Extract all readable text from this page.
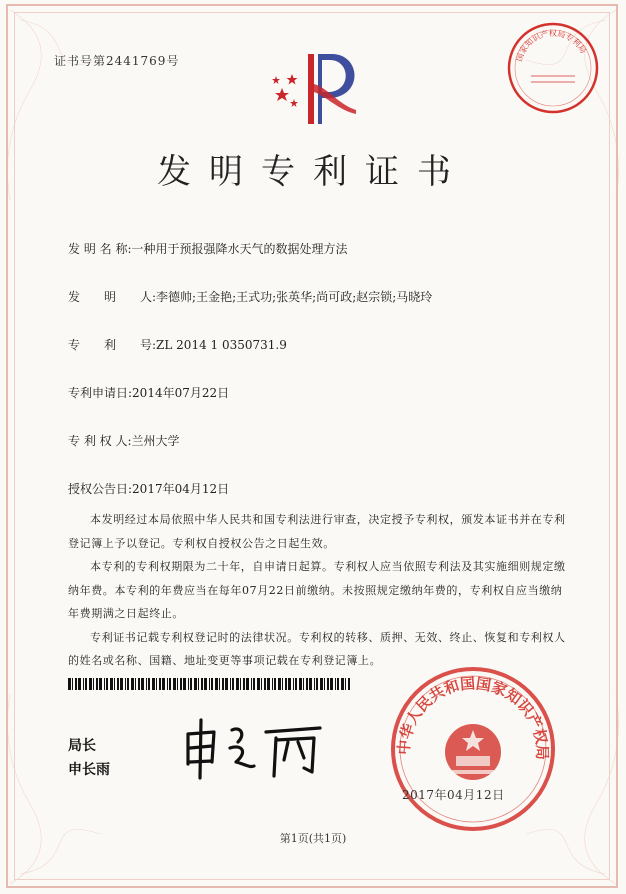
证书号第2441769号	国家知识产权局专利局
发明专利证书
发 明 名 称:一种用于预报强降水天气的数据处理方法
发　　明　　人:李德帅;王金艳;王式功;张英华;尚可政;赵宗锁;马晓玲
专　　利　　号:ZL 2014 1 0350731.9
专利申请日:2014年07月22日
专 利 权 人:兰州大学
授权公告日:2017年04月12日

本发明经过本局依照中华人民共和国专利法进行审查，决定授予专利权，颁发本证书并在专利登记簿上予以登记。专利权自授权公告之日起生效。

本专利的专利权期限为二十年，自申请日起算。专利权人应当依照专利法及其实施细则规定缴纳年费。本专利的年费应当在每年07月22日前缴纳。未按照规定缴纳年费的，专利权自应当缴纳年费期满之日起终止。

专利证书记载专利权登记时的法律状况。专利权的转移、质押、无效、终止、恢复和专利权人的姓名或名称、国籍、地址变更等事项记载在专利登记簿上。

局长
申长雨
中华人民共和国国家知识产权局
2017年04月12日
第1页(共1页)
